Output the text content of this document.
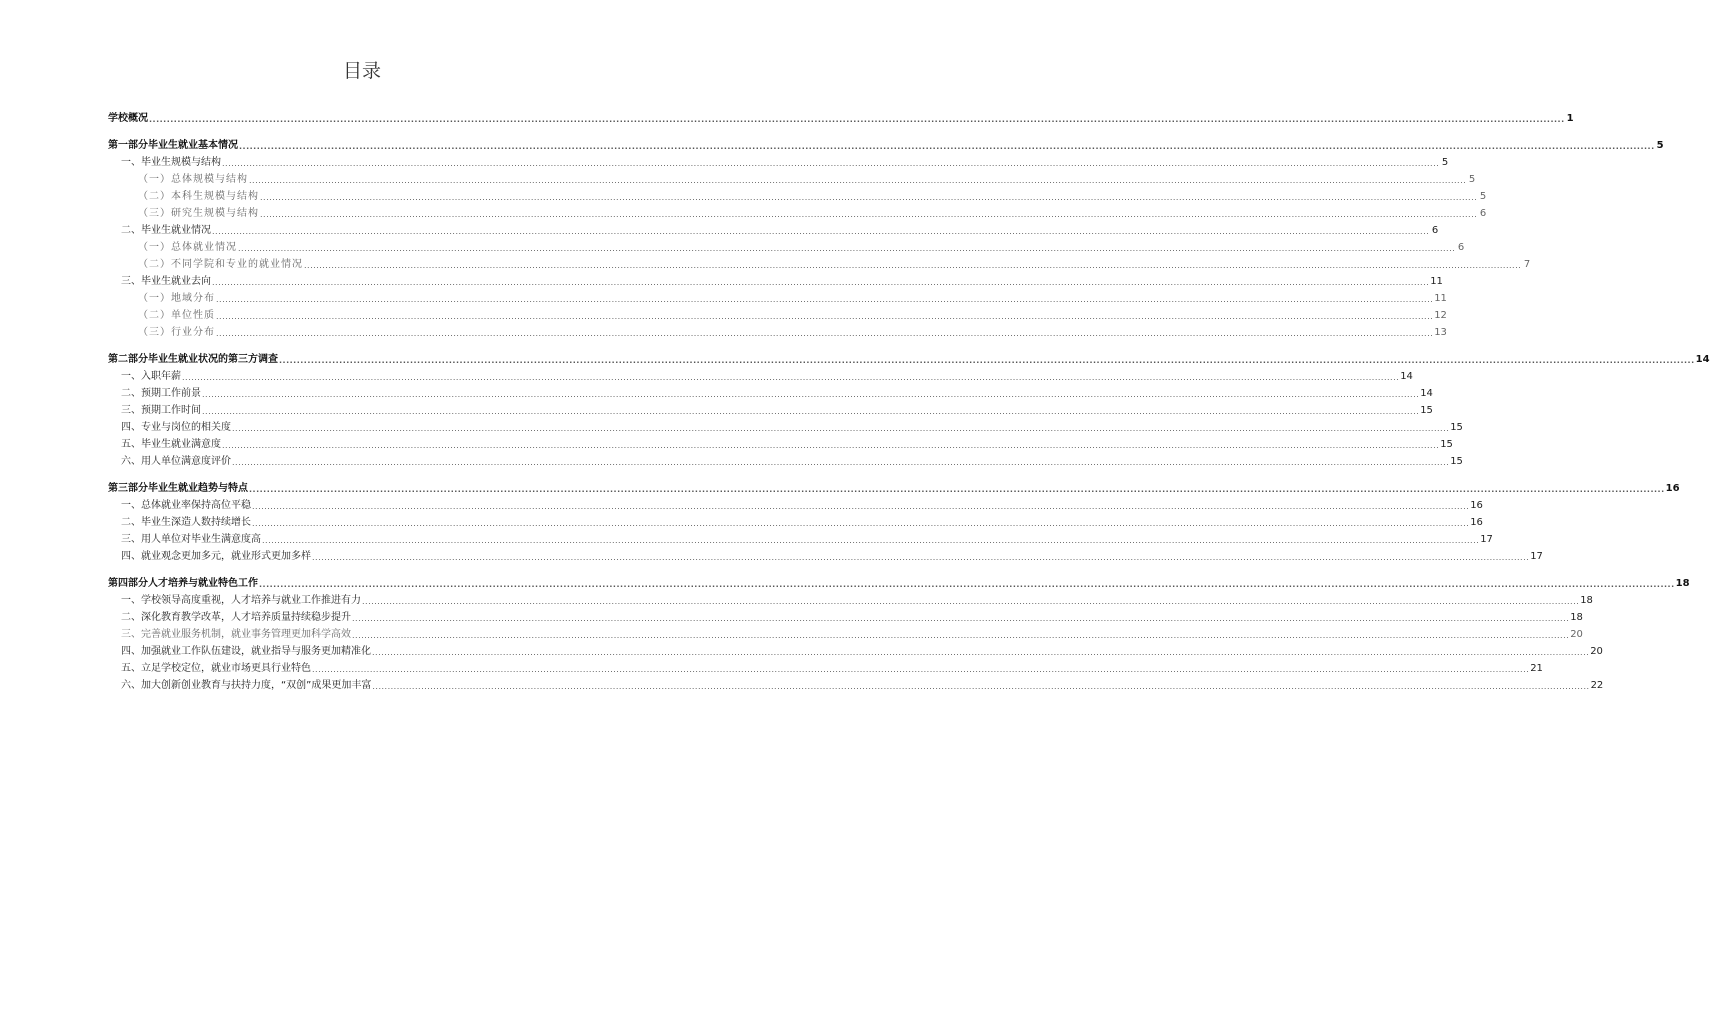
目录
学校概况 ................................................................................................................................................................................................................................................................................................................................................................................................................ 1
第一部分毕业生就业基本情况 ................................................................................................................................................................................................................................................................................................................................................................................................................ 5
一、毕业生规模与结构 ................................................................................................................................................................................................................................................................................................................................................................................................................ 5
（一）总体规模与结构 ................................................................................................................................................................................................................................................................................................................................................................................................................ 5
（二）本科生规模与结构 ................................................................................................................................................................................................................................................................................................................................................................................................................ 5
（三）研究生规模与结构 ................................................................................................................................................................................................................................................................................................................................................................................................................ 6
二、毕业生就业情况 ................................................................................................................................................................................................................................................................................................................................................................................................................ 6
（一）总体就业情况 ................................................................................................................................................................................................................................................................................................................................................................................................................ 6
（二）不同学院和专业的就业情况 ................................................................................................................................................................................................................................................................................................................................................................................................................ 7
三、毕业生就业去向 ................................................................................................................................................................................................................................................................................................................................................................................................................ 11
（一）地域分布 ................................................................................................................................................................................................................................................................................................................................................................................................................ 11
（二）单位性质 ................................................................................................................................................................................................................................................................................................................................................................................................................ 12
（三）行业分布 ................................................................................................................................................................................................................................................................................................................................................................................................................ 13
第二部分毕业生就业状况的第三方调查 ................................................................................................................................................................................................................................................................................................................................................................................................................ 14
一、入职年薪 ................................................................................................................................................................................................................................................................................................................................................................................................................ 14
二、预期工作前景 ................................................................................................................................................................................................................................................................................................................................................................................................................ 14
三、预期工作时间 ................................................................................................................................................................................................................................................................................................................................................................................................................ 15
四、专业与岗位的相关度 ................................................................................................................................................................................................................................................................................................................................................................................................................ 15
五、毕业生就业满意度 ................................................................................................................................................................................................................................................................................................................................................................................................................ 15
六、用人单位满意度评价 ................................................................................................................................................................................................................................................................................................................................................................................................................ 15
第三部分毕业生就业趋势与特点 ................................................................................................................................................................................................................................................................................................................................................................................................................ 16
一、总体就业率保持高位平稳 ................................................................................................................................................................................................................................................................................................................................................................................................................ 16
二、毕业生深造人数持续增长 ................................................................................................................................................................................................................................................................................................................................................................................................................ 16
三、用人单位对毕业生满意度高 ................................................................................................................................................................................................................................................................................................................................................................................................................ 17
四、就业观念更加多元，就业形式更加多样 ................................................................................................................................................................................................................................................................................................................................................................................................................ 17
第四部分人才培养与就业特色工作 ................................................................................................................................................................................................................................................................................................................................................................................................................ 18
一、学校领导高度重视，人才培养与就业工作推进有力 ................................................................................................................................................................................................................................................................................................................................................................................................................ 18
二、深化教育教学改革，人才培养质量持续稳步提升 ................................................................................................................................................................................................................................................................................................................................................................................................................ 18
三、完善就业服务机制，就业事务管理更加科学高效 ................................................................................................................................................................................................................................................................................................................................................................................................................ 20
四、加强就业工作队伍建设，就业指导与服务更加精准化 ................................................................................................................................................................................................................................................................................................................................................................................................................ 20
五、立足学校定位，就业市场更具行业特色 ................................................................................................................................................................................................................................................................................................................................................................................................................ 21
六、加大创新创业教育与扶持力度，“双创”成果更加丰富 ................................................................................................................................................................................................................................................................................................................................................................................................................ 22
